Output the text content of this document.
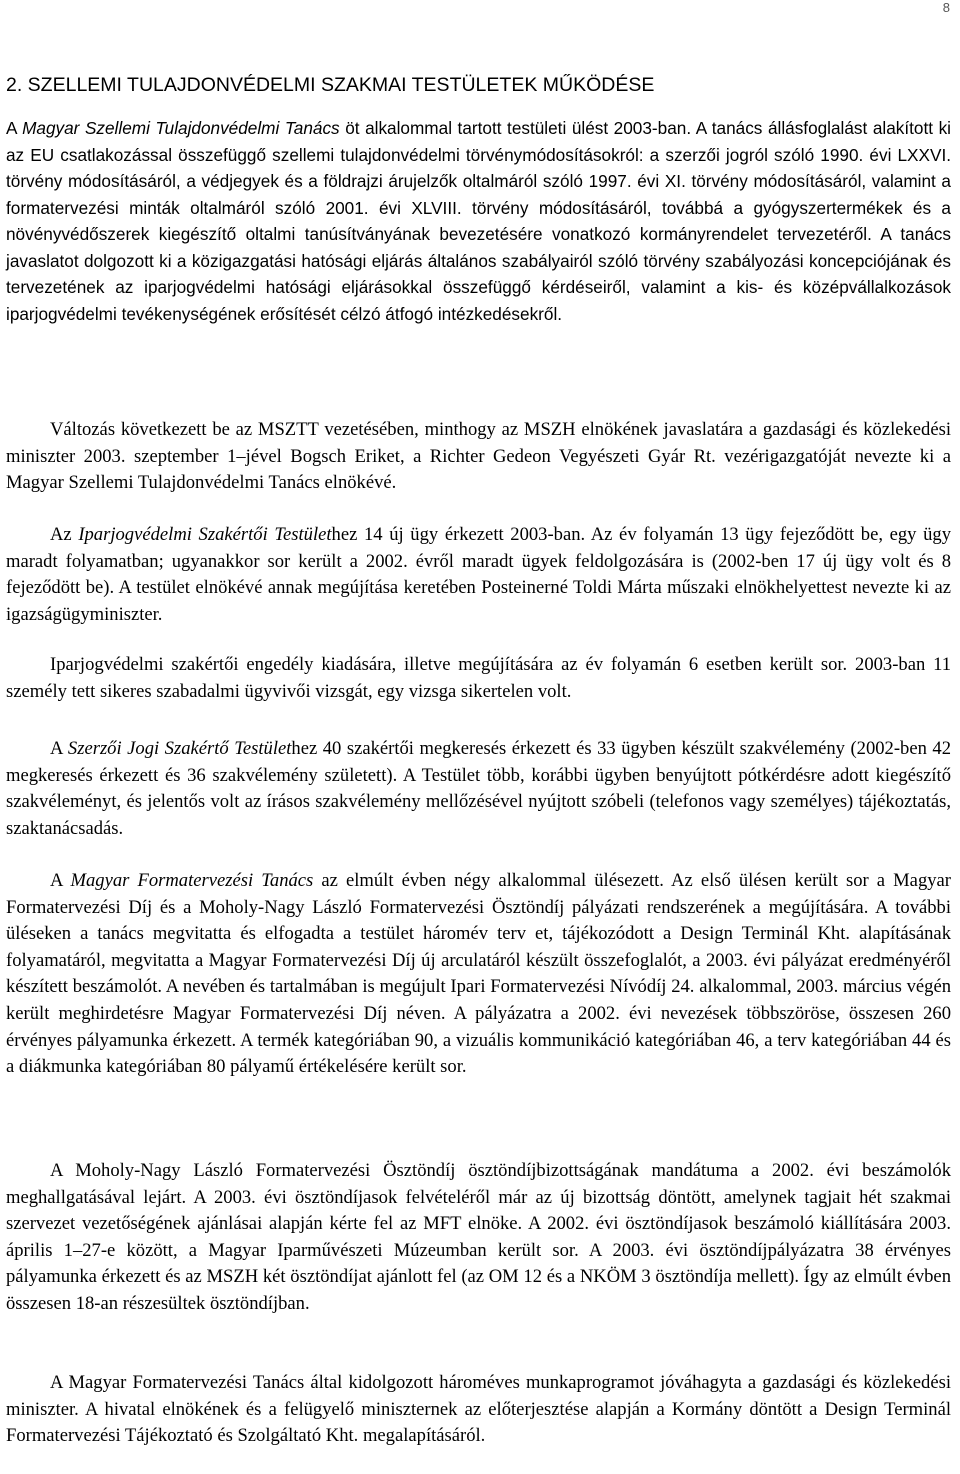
8
2. SZELLEMI TULAJDONVÉDELMI SZAKMAI TESTÜLETEK MŰKÖDÉSE

A Magyar Szellemi Tulajdonvédelmi Tanács öt alkalommal tartott testületi ülést 2003-ban. A tanács állásfoglalást alakított ki az EU csatlakozással összefüggő szellemi tulajdonvédelmi törvénymódosításokról: a szerzői jogról szóló 1990. évi LXXVI. törvény módosításáról, a védjegyek és a földrajzi árujelzők oltalmáról szóló 1997. évi XI. törvény módosításáról, valamint a formatervezési minták oltalmáról szóló 2001. évi XLVIII. törvény módosításáról, továbbá a gyógyszertermékek és a növényvédőszerek kiegészítő oltalmi tanúsítványának bevezetésére vonatkozó kormányrendelet tervezetéről. A tanács javaslatot dolgozott ki a közigazgatási hatósági eljárás általános szabályairól szóló törvény szabályozási koncepciójának és tervezetének az iparjogvédelmi hatósági eljárásokkal összefüggő kérdéseiről, valamint a kis- és középvállalkozások iparjogvédelmi tevékenységének erősítését célzó átfogó intézkedésekről.

Változás következett be az MSZTT vezetésében, minthogy az MSZH elnökének javaslatára a gazdasági és közlekedési miniszter 2003. szeptember 1–jével Bogsch Eriket, a Richter Gedeon Vegyészeti Gyár Rt. vezérigazgatóját nevezte ki a Magyar Szellemi Tulajdonvédelmi Tanács elnökévé.

Az Iparjogvédelmi Szakértői Testülethez 14 új ügy érkezett 2003-ban. Az év folyamán 13 ügy fejeződött be, egy ügy maradt folyamatban; ugyanakkor sor került a 2002. évről maradt ügyek feldolgozására is (2002-ben 17 új ügy volt és 8 fejeződött be). A testület elnökévé annak megújítása keretében Posteinerné Toldi Márta műszaki elnökhelyettest nevezte ki az igazságügyminiszter.

Iparjogvédelmi szakértői engedély kiadására, illetve megújítására az év folyamán 6 esetben került sor. 2003-ban 11 személy tett sikeres szabadalmi ügyvivői vizsgát, egy vizsga sikertelen volt.

A Szerzői Jogi Szakértő Testülethez 40 szakértői megkeresés érkezett és 33 ügyben készült szakvélemény (2002-ben 42 megkeresés érkezett és 36 szakvélemény született). A Testület több, korábbi ügyben benyújtott pótkérdésre adott kiegészítő szakvéleményt, és jelentős volt az írásos szakvélemény mellőzésével nyújtott szóbeli (telefonos vagy személyes) tájékoztatás, szaktanácsadás.

A Magyar Formatervezési Tanács az elmúlt évben négy alkalommal ülésezett. Az első ülésen került sor a Magyar Formatervezési Díj és a Moholy-Nagy László Formatervezési Ösztöndíj pályázati rendszerének a megújítására. A további üléseken a tanács megvitatta és elfogadta a testület háromév terv et, tájékozódott a Design Terminál Kht. alapításának folyamatáról, megvitatta a Magyar Formatervezési Díj új arculatáról készült összefoglalót, a 2003. évi pályázat eredményéről készített beszámolót. A nevében és tartalmában is megújult Ipari Formatervezési Nívódíj 24. alkalommal, 2003. március végén került meghirdetésre Magyar Formatervezési Díj néven. A pályázatra a 2002. évi nevezések többszöröse, összesen 260 érvényes pályamunka érkezett. A termék kategóriában 90, a vizuális kommunikáció kategóriában 46, a terv kategóriában 44 és a diákmunka kategóriában 80 pályamű értékelésére került sor.

A Moholy-Nagy László Formatervezési Ösztöndíj ösztöndíjbizottságának mandátuma a 2002. évi beszámolók meghallgatásával lejárt. A 2003. évi ösztöndíjasok felvételéről már az új bizottság döntött, amelynek tagjait hét szakmai szervezet vezetőségének ajánlásai alapján kérte fel az MFT elnöke. A 2002. évi ösztöndíjasok beszámoló kiállítására 2003. április 1–27-e között, a Magyar Iparművészeti Múzeumban került sor. A 2003. évi ösztöndíjpályázatra 38 érvényes pályamunka érkezett és az MSZH két ösztöndíjat ajánlott fel (az OM 12 és a NKÖM 3 ösztöndíja mellett). Így az elmúlt évben összesen 18-an részesültek ösztöndíjban.

A Magyar Formatervezési Tanács által kidolgozott hároméves munkaprogramot jóváhagyta a gazdasági és közlekedési miniszter. A hivatal elnökének és a felügyelő miniszternek az előterjesztése alapján a Kormány döntött a Design Terminál Formatervezési Tájékoztató és Szolgáltató Kht. megalapításáról.
